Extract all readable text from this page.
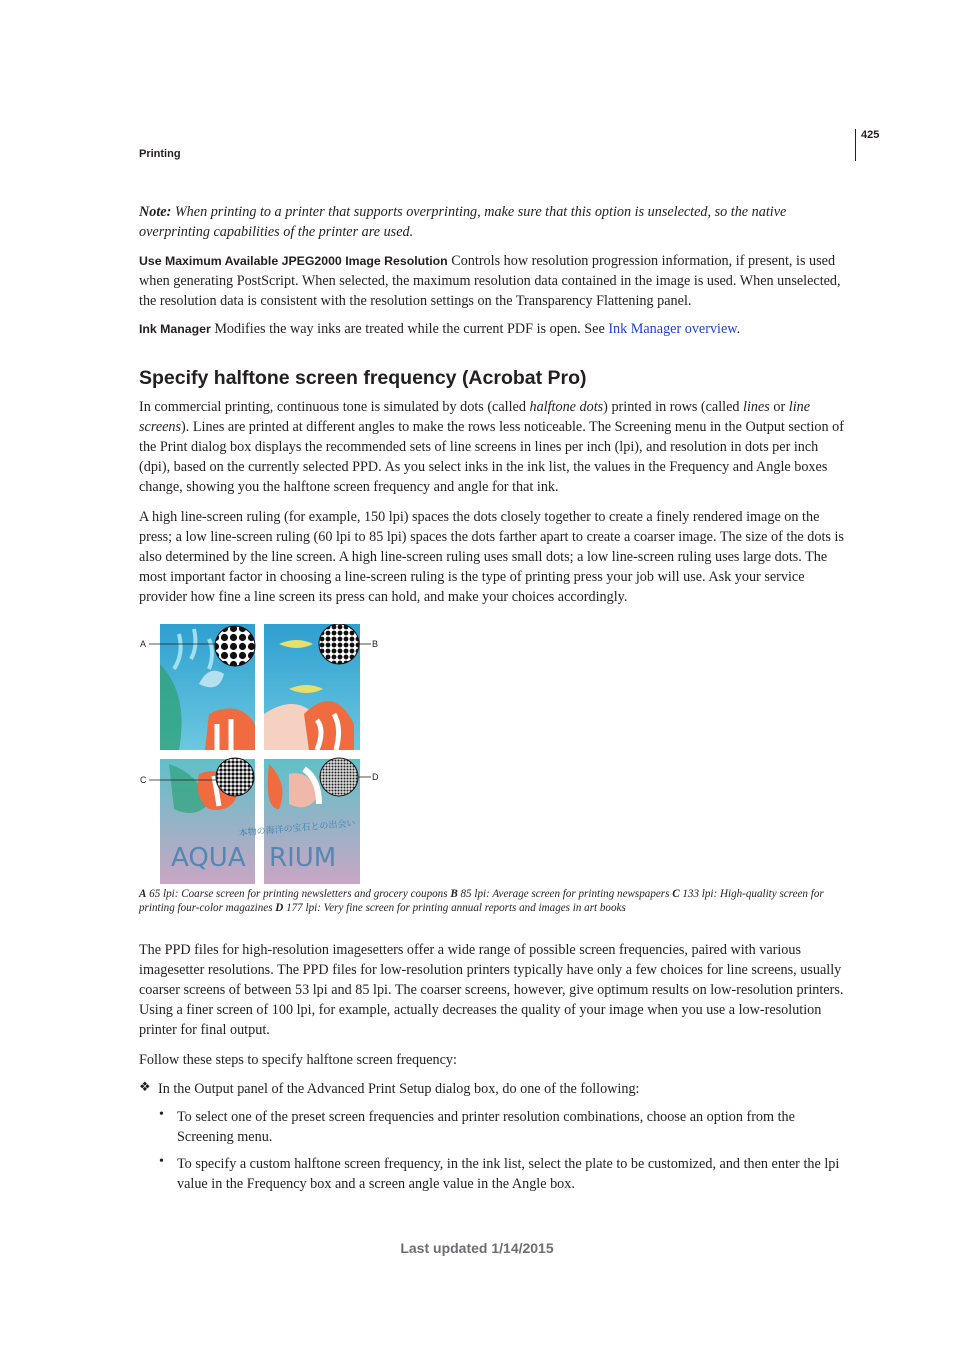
425
Printing

Note: When printing to a printer that supports overprinting, make sure that this option is unselected, so the native overprinting capabilities of the printer are used.

Use Maximum Available JPEG2000 Image Resolution Controls how resolution progression information, if present, is used when generating PostScript. When selected, the maximum resolution data contained in the image is used. When unselected, the resolution data is consistent with the resolution settings on the Transparency Flattening panel.

Ink Manager Modifies the way inks are treated while the current PDF is open. See Ink Manager overview.

Specify halftone screen frequency (Acrobat Pro)

In commercial printing, continuous tone is simulated by dots (called halftone dots) printed in rows (called lines or line screens). Lines are printed at different angles to make the rows less noticeable. The Screening menu in the Output section of the Print dialog box displays the recommended sets of line screens in lines per inch (lpi), and resolution in dots per inch (dpi), based on the currently selected PPD. As you select inks in the ink list, the values in the Frequency and Angle boxes change, showing you the halftone screen frequency and angle for that ink.

A high line-screen ruling (for example, 150 lpi) spaces the dots closely together to create a finely rendered image on the press; a low line-screen ruling (60 lpi to 85 lpi) spaces the dots farther apart to create a coarser image. The size of the dots is also determined by the line screen. A high line-screen ruling uses small dots; a low line-screen ruling uses large dots. The most important factor in choosing a line-screen ruling is the type of printing press your job will use. Ask your service provider how fine a line screen its press can hold, and make your choices accordingly.

AQUA RIUM
本物の海洋の宝石との出会い
A	B
C	D

A 65 lpi: Coarse screen for printing newsletters and grocery coupons B 85 lpi: Average screen for printing newspapers C 133 lpi: High-quality screen for printing four-color magazines D 177 lpi: Very fine screen for printing annual reports and images in art books

The PPD files for high-resolution imagesetters offer a wide range of possible screen frequencies, paired with various imagesetter resolutions. The PPD files for low-resolution printers typically have only a few choices for line screens, usually coarser screens of between 53 lpi and 85 lpi. The coarser screens, however, give optimum results on low-resolution printers. Using a finer screen of 100 lpi, for example, actually decreases the quality of your image when you use a low-resolution printer for final output.

Follow these steps to specify halftone screen frequency:

❖ In the Output panel of the Advanced Print Setup dialog box, do one of the following:

• To select one of the preset screen frequencies and printer resolution combinations, choose an option from the Screening menu.

• To specify a custom halftone screen frequency, in the ink list, select the plate to be customized, and then enter the lpi value in the Frequency box and a screen angle value in the Angle box.

Last updated 1/14/2015
